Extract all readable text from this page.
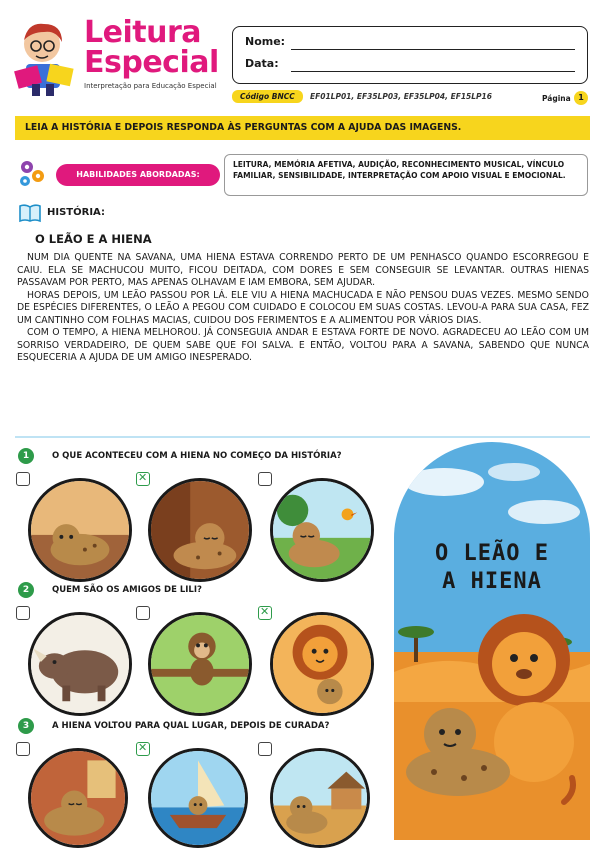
Leitura
Especial
Interpretação para Educação Especial
Nome:
Data:
Código BNCC	EF01LP01, EF35LP03, EF35LP04, EF15LP16	Página 1
LEIA A HISTÓRIA E DEPOIS RESPONDA ÀS PERGUNTAS COM A AJUDA DAS IMAGENS.
HABILIDADES ABORDADAS:
LEITURA, MEMÓRIA AFETIVA, AUDIÇÃO, RECONHECIMENTO MUSICAL, VÍNCULO FAMILIAR, SENSIBILIDADE, INTERPRETAÇÃO COM APOIO VISUAL E EMOCIONAL.
HISTÓRIA:
O LEÃO E A HIENA

NUM DIA QUENTE NA SAVANA, UMA HIENA ESTAVA CORRENDO PERTO DE UM PENHASCO QUANDO ESCORREGOU E CAIU. ELA SE MACHUCOU MUITO, FICOU DEITADA, COM DORES E SEM CONSEGUIR SE LEVANTAR. OUTRAS HIENAS PASSAVAM POR PERTO, MAS APENAS OLHAVAM E IAM EMBORA, SEM AJUDAR.

HORAS DEPOIS, UM LEÃO PASSOU POR LÁ. ELE VIU A HIENA MACHUCADA E NÃO PENSOU DUAS VEZES. MESMO SENDO DE ESPÉCIES DIFERENTES, O LEÃO A PEGOU COM CUIDADO E COLOCOU EM SUAS COSTAS. LEVOU-A PARA SUA CASA, FEZ UM CANTINHO COM FOLHAS MACIAS, CUIDOU DOS FERIMENTOS E A ALIMENTOU POR VÁRIOS DIAS.

COM O TEMPO, A HIENA MELHOROU. JÁ CONSEGUIA ANDAR E ESTAVA FORTE DE NOVO. AGRADECEU AO LEÃO COM UM SORRISO VERDADEIRO, DE QUEM SABE QUE FOI SALVA. E ENTÃO, VOLTOU PARA A SAVANA, SABENDO QUE NUNCA ESQUECERIA A AJUDA DE UM AMIGO INESPERADO.

1	O QUE ACONTECEU COM A HIENA NO COMEÇO DA HISTÓRIA?
✕
2	QUEM SÃO OS AMIGOS DE LILI?
✕
3	A HIENA VOLTOU PARA QUAL LUGAR, DEPOIS DE CURADA?
✕
O LEÃO E
A HIENA
